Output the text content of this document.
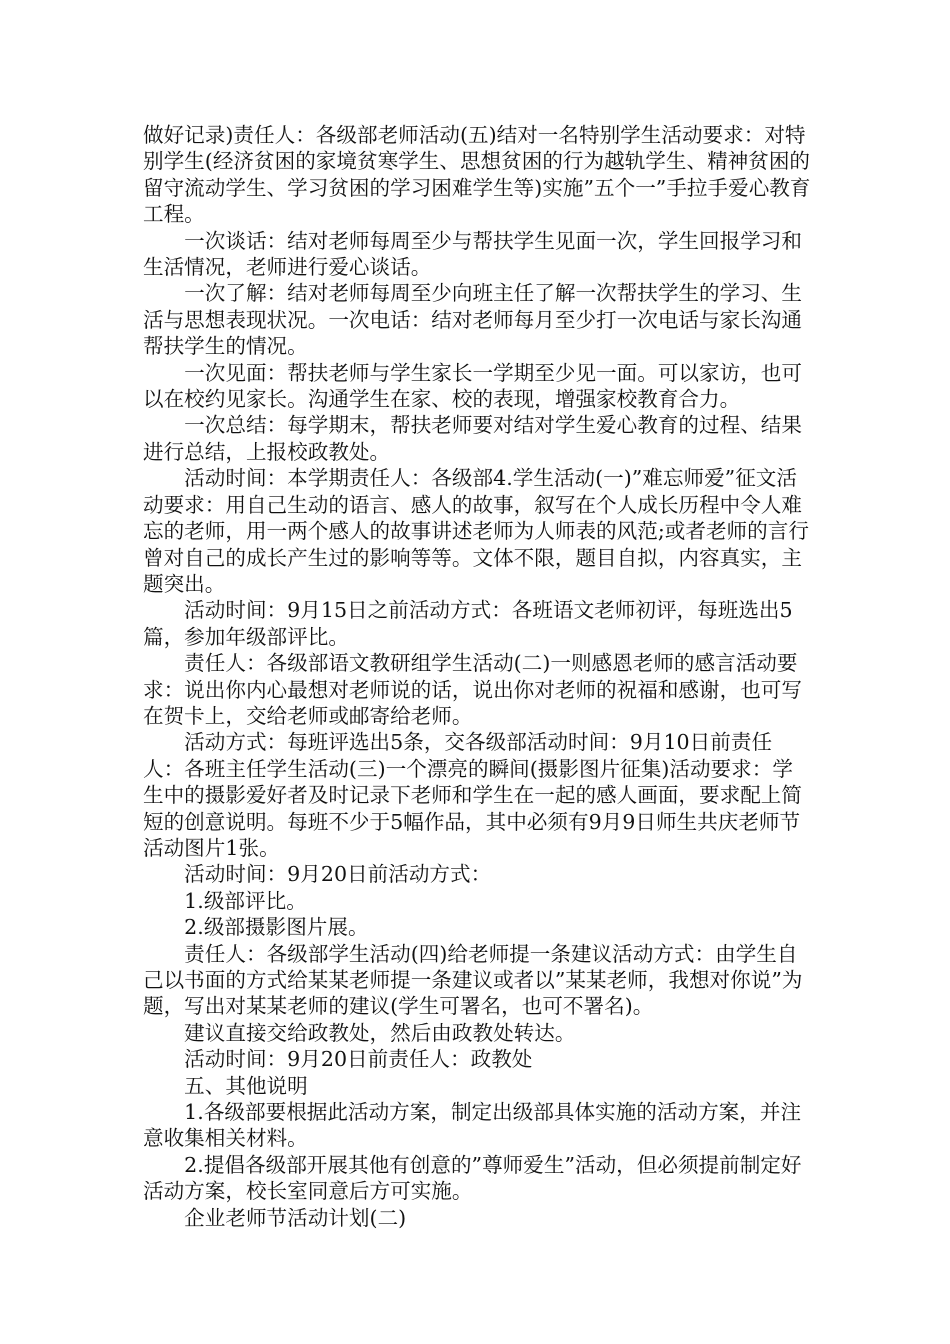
做好记录)责任人：各级部老师活动(五)结对一名特别学生活动要求：对特别学生(经济贫困的家境贫寒学生、思想贫困的行为越轨学生、精神贫困的留守流动学生、学习贫困的学习困难学生等)实施”五个一”手拉手爱心教育工程。

　　一次谈话：结对老师每周至少与帮扶学生见面一次，学生回报学习和生活情况，老师进行爱心谈话。

　　一次了解：结对老师每周至少向班主任了解一次帮扶学生的学习、生活与思想表现状况。一次电话：结对老师每月至少打一次电话与家长沟通帮扶学生的情况。

　　一次见面：帮扶老师与学生家长一学期至少见一面。可以家访，也可以在校约见家长。沟通学生在家、校的表现，增强家校教育合力。

　　一次总结：每学期末，帮扶老师要对结对学生爱心教育的过程、结果进行总结，上报校政教处。

　　活动时间：本学期责任人：各级部4.学生活动(一)”难忘师爱”征文活动要求：用自己生动的语言、感人的故事，叙写在个人成长历程中令人难忘的老师，用一两个感人的故事讲述老师为人师表的风范;或者老师的言行曾对自己的成长产生过的影响等等。文体不限，题目自拟，内容真实，主题突出。

　　活动时间：9月15日之前活动方式：各班语文老师初评，每班选出5篇，参加年级部评比。

　　责任人：各级部语文教研组学生活动(二)一则感恩老师的感言活动要求：说出你内心最想对老师说的话，说出你对老师的祝福和感谢，也可写在贺卡上，交给老师或邮寄给老师。

　　活动方式：每班评选出5条，交各级部活动时间：9月10日前责任人：各班主任学生活动(三)一个漂亮的瞬间(摄影图片征集)活动要求：学生中的摄影爱好者及时记录下老师和学生在一起的感人画面，要求配上简短的创意说明。每班不少于5幅作品，其中必须有9月9日师生共庆老师节活动图片1张。

　　活动时间：9月20日前活动方式：

　　1.级部评比。

　　2.级部摄影图片展。

　　责任人：各级部学生活动(四)给老师提一条建议活动方式：由学生自己以书面的方式给某某老师提一条建议或者以”某某老师，我想对你说”为题，写出对某某老师的建议(学生可署名，也可不署名)。

　　建议直接交给政教处，然后由政教处转达。

　　活动时间：9月20日前责任人：政教处

　　五、其他说明

　　1.各级部要根据此活动方案，制定出级部具体实施的活动方案，并注意收集相关材料。

　　2.提倡各级部开展其他有创意的”尊师爱生”活动，但必须提前制定好活动方案，校长室同意后方可实施。

　　企业老师节活动计划(二)
